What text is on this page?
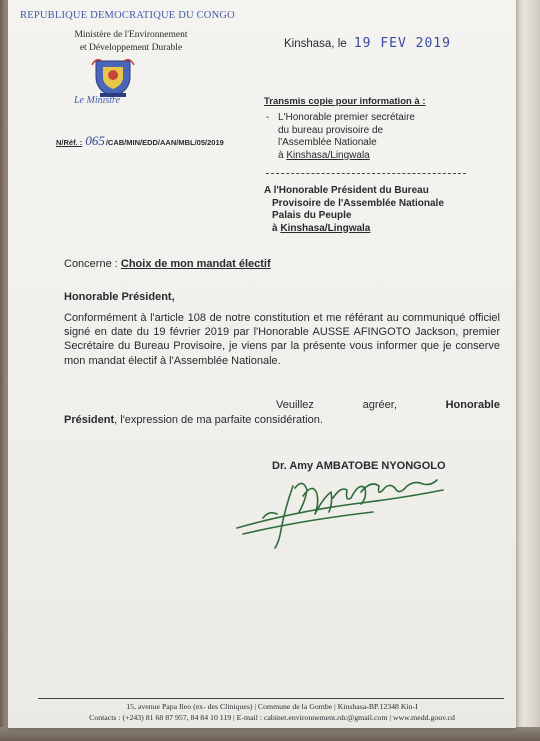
REPUBLIQUE DEMOCRATIQUE DU CONGO
Ministère de l'Environnement
et Développement Durable
Le Ministre
Kinshasa, le 19 FEV 2019
N/Réf. : 065/CAB/MIN/EDD/AAN/MBL/05/2019
Transmis copie pour information à :
- L'Honorable premier secrétaire
du bureau provisoire de
l'Assemblée Nationale
à Kinshasa/Lingwala
A l'Honorable Président du Bureau
Provisoire de l'Assemblée Nationale
Palais du Peuple
à Kinshasa/Lingwala
Concerne : Choix de mon mandat électif
Honorable Président,
Conformément à l'article 108 de notre constitution et me référant au communiqué officiel signé en date du 19 février 2019 par l'Honorable AUSSE AFINGOTO Jackson, premier Secrétaire du Bureau Provisoire, je viens par la présente vous informer que je conserve mon mandat électif à l'Assemblée Nationale.
Veuillez	agréer,	Honorable
Président, l'expression de ma parfaite considération.
Dr. Amy AMBATOBE NYONGOLO
15, avenue Papa Ileo (ex- des Cliniques) | Commune de la Gombe | Kinshasa-BP.12348 Kin-I
Contacts : (+243) 81 68 87 957, 84 84 10 119 | E-mail : cabinet.environnement.rdc@gmail.com | www.medd.gouv.cd
